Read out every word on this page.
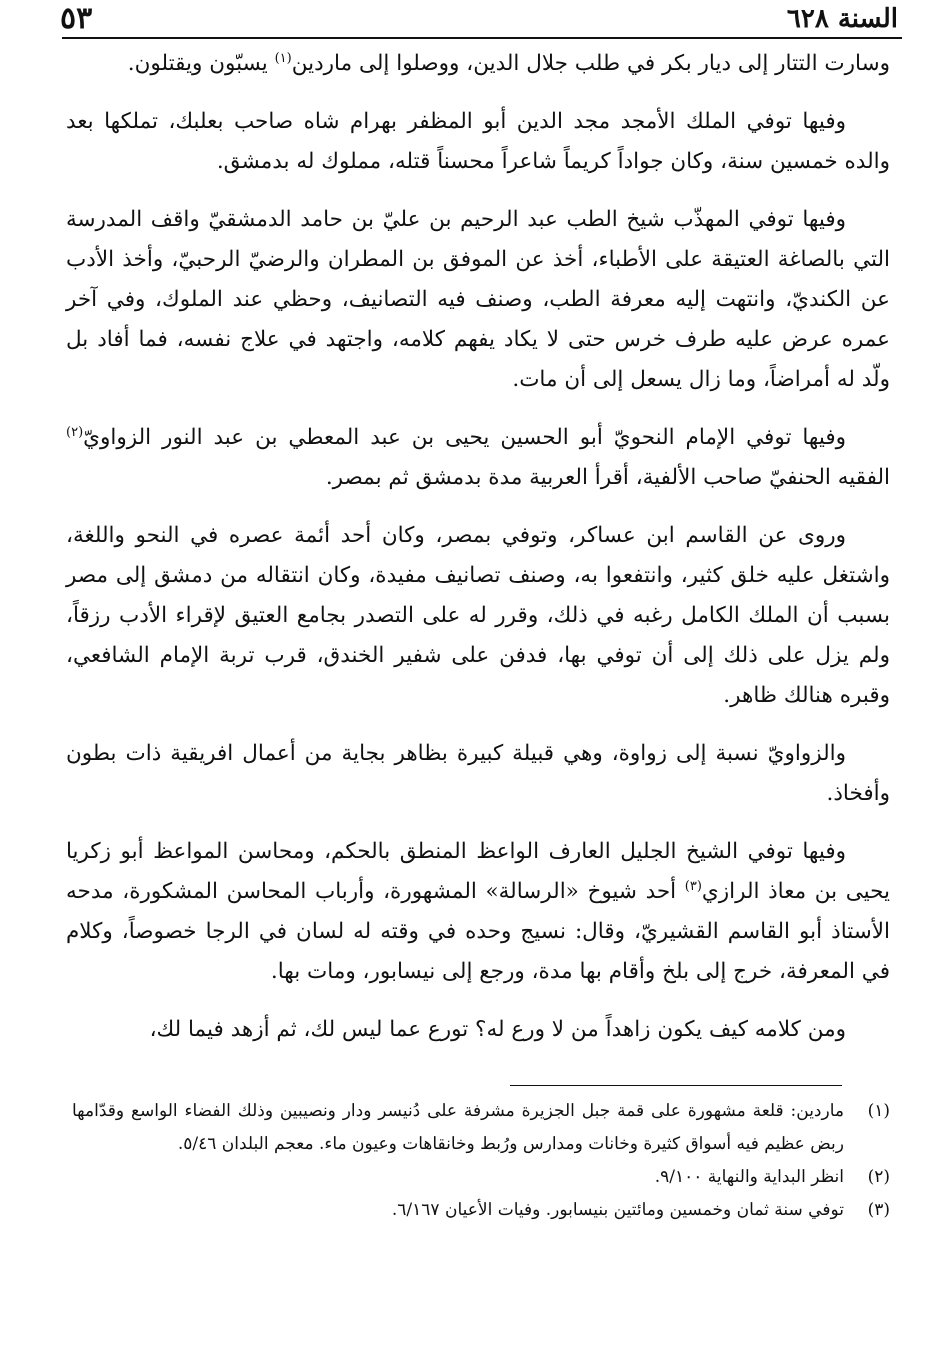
٥٣	السنة ٦٢٨

وسارت التتار إلى ديار بكر في طلب جلال الدين، ووصلوا إلى ماردين$^{(١)}$ يسبّون ويقتلون.

وفيها توفي الملك الأمجد مجد الدين أبو المظفر بهرام شاه صاحب بعلبك، تملكها بعد والده خمسين سنة، وكان جواداً كريماً شاعراً محسناً قتله، مملوك له بدمشق.

وفيها توفي المهذّب شيخ الطب عبد الرحيم بن عليّ بن حامد الدمشقيّ واقف المدرسة التي بالصاغة العتيقة على الأطباء، أخذ عن الموفق بن المطران والرضيّ الرحبيّ، وأخذ الأدب عن الكنديّ، وانتهت إليه معرفة الطب، وصنف فيه التصانيف، وحظي عند الملوك، وفي آخر عمره عرض عليه طرف خرس حتى لا يكاد يفهم كلامه، واجتهد في علاج نفسه، فما أفاد بل ولّد له أمراضاً، وما زال يسعل إلى أن مات.

وفيها توفي الإمام النحويّ أبو الحسين يحيى بن عبد المعطي بن عبد النور الزواويّ$^{(٢)}$ الفقيه الحنفيّ صاحب الألفية، أقرأ العربية مدة بدمشق ثم بمصر.

وروى عن القاسم ابن عساكر، وتوفي بمصر، وكان أحد أئمة عصره في النحو واللغة، واشتغل عليه خلق كثير، وانتفعوا به، وصنف تصانيف مفيدة، وكان انتقاله من دمشق إلى مصر بسبب أن الملك الكامل رغبه في ذلك، وقرر له على التصدر بجامع العتيق لإقراء الأدب رزقاً، ولم يزل على ذلك إلى أن توفي بها، فدفن على شفير الخندق، قرب تربة الإمام الشافعي، وقبره هنالك ظاهر.

والزواويّ نسبة إلى زواوة، وهي قبيلة كبيرة بظاهر بجاية من أعمال افريقية ذات بطون وأفخاذ.

وفيها توفي الشيخ الجليل العارف الواعظ المنطق بالحكم، ومحاسن المواعظ أبو زكريا يحيى بن معاذ الرازي$^{(٣)}$ أحد شيوخ «الرسالة» المشهورة، وأرباب المحاسن المشكورة، مدحه الأستاذ أبو القاسم القشيريّ، وقال: نسيج وحده في وقته له لسان في الرجا خصوصاً، وكلام في المعرفة، خرج إلى بلخ وأقام بها مدة، ورجع إلى نيسابور، ومات بها.

ومن كلامه كيف يكون زاهداً من لا ورع له؟ تورع عما ليس لك، ثم أزهد فيما لك،

(١)
ماردين: قلعة مشهورة على قمة جبل الجزيرة مشرفة على دُنيسر ودار ونصيبين وذلك الفضاء الواسع وقدّامها ربض عظيم فيه أسواق كثيرة وخانات ومدارس ورُبط وخانقاهات وعيون ماء. معجم البلدان ٥/٤٦.
(٢)
انظر البداية والنهاية ٩/١٠٠.
(٣)
توفي سنة ثمان وخمسين ومائتين بنيسابور. وفيات الأعيان ٦/١٦٧.
